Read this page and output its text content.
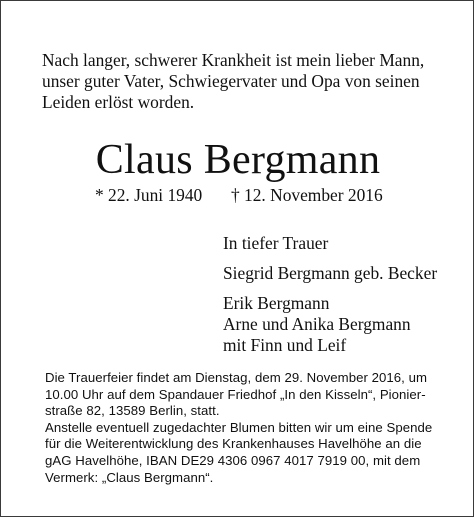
Nach langer, schwerer Krankheit ist mein lieber Mann,
unser guter Vater, Schwiegervater und Opa von seinen
Leiden erlöst worden.
Claus Bergmann
* 22. Juni 1940 † 12. November 2016
In tiefer Trauer
Siegrid Bergmann geb. Becker
Erik Bergmann
Arne und Anika Bergmann
mit Finn und Leif
Die Trauerfeier findet am Dienstag, dem 29. November 2016, um
10.00 Uhr auf dem Spandauer Friedhof „In den Kisseln“, Pionier-
straße 82, 13589 Berlin, statt.
Anstelle eventuell zugedachter Blumen bitten wir um eine Spende
für die Weiterentwicklung des Krankenhauses Havelhöhe an die
gAG Havelhöhe, IBAN DE29 4306 0967 4017 7919 00, mit dem
Vermerk: „Claus Bergmann“.
